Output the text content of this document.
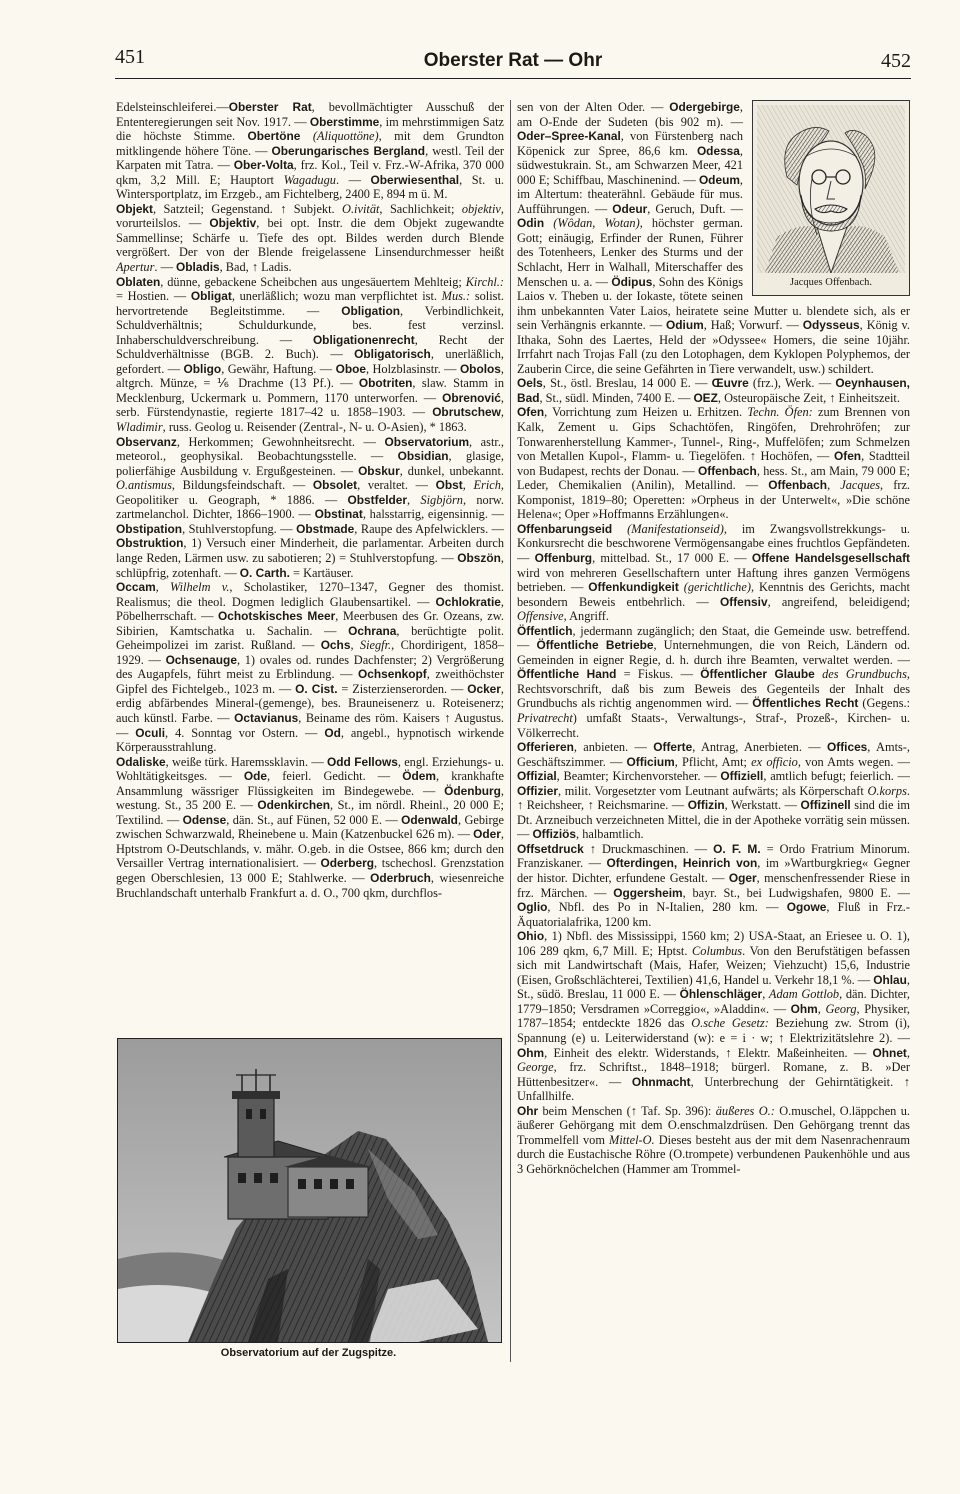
451	Oberster Rat — Ohr	452

Edelsteinschleiferei.—Oberster Rat, bevollmächtigter Ausschuß der Ententeregierungen seit Nov. 1917. — Oberstimme, im mehrstimmigen Satz die höchste Stimme. Obertöne (Aliquottöne), mit dem Grundton mitklingende höhere Töne. — Oberungarisches Bergland, westl. Teil der Karpaten mit Tatra. — Ober-Volta, frz. Kol., Teil v. Frz.-W-Afrika, 370 000 qkm, 3,2 Mill. E; Hauptort Wagadugu. — Oberwiesenthal, St. u. Wintersportplatz, im Erzgeb., am Fichtelberg, 2400 E, 894 m ü. M.

Objekt, Satzteil; Gegenstand. ↑ Subjekt. O.ivität, Sachlichkeit; objektiv, vorurteilslos. — Objektiv, bei opt. Instr. die dem Objekt zugewandte Sammellinse; Schärfe u. Tiefe des opt. Bildes werden durch Blende vergrößert. Der von der Blende freigelassene Linsendurchmesser heißt Apertur. — Obladis, Bad, ↑ Ladis.

Oblaten, dünne, gebackene Scheibchen aus ungesäuertem Mehlteig; Kirchl.: = Hostien. — Obligat, unerläßlich; wozu man verpflichtet ist. Mus.: solist. hervortretende Begleitstimme. — Obligation, Verbindlichkeit, Schuldverhältnis; Schuldurkunde, bes. fest verzinsl. Inhaberschuldverschreibung. — Obligationenrecht, Recht der Schuldverhältnisse (BGB. 2. Buch). — Obligatorisch, unerläßlich, gefordert. — Obligo, Gewähr, Haftung. — Oboe, Holzblasinstr. — Obolos, altgrch. Münze, = ⅙ Drachme (13 Pf.). — Obotriten, slaw. Stamm in Mecklenburg, Uckermark u. Pommern, 1170 unterworfen. — Obrenović, serb. Fürstendynastie, regierte 1817–42 u. 1858–1903. — Obrutschew, Wladimir, russ. Geolog u. Reisender (Zentral-, N- u. O-Asien), * 1863.

Observanz, Herkommen; Gewohnheitsrecht. — Observatorium, astr., meteorol., geophysikal. Beobachtungsstelle. — Obsidian, glasige, polierfähige Ausbildung v. Ergußgesteinen. — Obskur, dunkel, unbekannt. O.antismus, Bildungsfeindschaft. — Obsolet, veraltet. — Obst, Erich, Geopolitiker u. Geograph, * 1886. — Obstfelder, Sigbjörn, norw. zartmelanchol. Dichter, 1866–1900. — Obstinat, halsstarrig, eigensinnig. — Obstipation, Stuhlverstopfung. — Obstmade, Raupe des Apfelwicklers. — Obstruktion, 1) Versuch einer Minderheit, die parlamentar. Arbeiten durch lange Reden, Lärmen usw. zu sabotieren; 2) = Stuhlverstopfung. — Obszön, schlüpfrig, zotenhaft. — O. Carth. = Kartäuser.

Occam, Wilhelm v., Scholastiker, 1270–1347, Gegner des thomist. Realismus; die theol. Dogmen lediglich Glaubensartikel. — Ochlokratie, Pöbelherrschaft. — Ochotskisches Meer, Meerbusen des Gr. Ozeans, zw. Sibirien, Kamtschatka u. Sachalin. — Ochrana, berüchtigte polit. Geheimpolizei im zarist. Rußland. — Ochs, Siegfr., Chordirigent, 1858–1929. — Ochsenauge, 1) ovales od. rundes Dachfenster; 2) Vergrößerung des Augapfels, führt meist zu Erblindung. — Ochsenkopf, zweithöchster Gipfel des Fichtelgeb., 1023 m. — O. Cist. = Zisterzienserorden. — Ocker, erdig abfärbendes Mineral-(gemenge), bes. Brauneisenerz u. Roteisenerz; auch künstl. Farbe. — Octavianus, Beiname des röm. Kaisers ↑ Augustus. — Oculi, 4. Sonntag vor Ostern. — Od, angebl., hypnotisch wirkende Körperausstrahlung.

Odaliske, weiße türk. Haremssklavin. — Odd Fellows, engl. Erziehungs- u. Wohltätigkeitsges. — Ode, feierl. Gedicht. — Ödem, krankhafte Ansammlung wässriger Flüssigkeiten im Bindegewebe. — Ödenburg, westung. St., 35 200 E. — Odenkirchen, St., im nördl. Rheinl., 20 000 E; Textilind. — Odense, dän. St., auf Fünen, 52 000 E. — Odenwald, Gebirge zwischen Schwarzwald, Rheinebene u. Main (Katzenbuckel 626 m). — Oder, Hptstrom O-Deutschlands, v. mähr. O.geb. in die Ostsee, 866 km; durch den Versailler Vertrag internationalisiert. — Oderberg, tschechosl. Grenzstation gegen Oberschlesien, 13 000 E; Stahlwerke. — Oderbruch, wiesenreiche Bruchlandschaft unterhalb Frankfurt a. d. O., 700 qkm, durchflos-

Jacques Offenbach.

sen von der Alten Oder. — Odergebirge, am O-Ende der Sudeten (bis 902 m). — Oder–Spree-Kanal, von Fürstenberg nach Köpenick zur Spree, 86,6 km. Odessa, südwestukrain. St., am Schwarzen Meer, 421 000 E; Schiffbau, Maschinenind. — Odeum, im Altertum: theaterähnl. Gebäude für mus. Aufführungen. — Odeur, Geruch, Duft. — Odin (Wôdan, Wotan), höchster german. Gott; einäugig, Erfinder der Runen, Führer des Totenheers, Lenker des Sturms und der Schlacht, Herr in Walhall, Miterschaffer des Menschen u. a. — Ödipus, Sohn des Königs Laios v. Theben u. der Iokaste, tötete seinen ihm unbekannten Vater Laios, heiratete seine Mutter u. blendete sich, als er sein Verhängnis erkannte. — Odium, Haß; Vorwurf. — Odysseus, König v. Ithaka, Sohn des Laertes, Held der »Odyssee« Homers, die seine 10jähr. Irrfahrt nach Trojas Fall (zu den Lotophagen, dem Kyklopen Polyphemos, der Zauberin Circe, die seine Gefährten in Tiere verwandelt, usw.) schildert.

Oels, St., östl. Breslau, 14 000 E. — Œuvre (frz.), Werk. — Oeynhausen, Bad, St., südl. Minden, 7400 E. — OEZ, Osteuropäische Zeit, ↑ Einheitszeit.

Ofen, Vorrichtung zum Heizen u. Erhitzen. Techn. Öfen: zum Brennen von Kalk, Zement u. Gips Schachtöfen, Ringöfen, Drehrohröfen; zur Tonwarenherstellung Kammer-, Tunnel-, Ring-, Muffelöfen; zum Schmelzen von Metallen Kupol-, Flamm- u. Tiegelöfen. ↑ Hochöfen, — Ofen, Stadtteil von Budapest, rechts der Donau. — Offenbach, hess. St., am Main, 79 000 E; Leder, Chemikalien (Anilin), Metallind. — Offenbach, Jacques, frz. Komponist, 1819–80; Operetten: »Orpheus in der Unterwelt«, »Die schöne Helena«; Oper »Hoffmanns Erzählungen«.

Offenbarungseid (Manifestationseid), im Zwangsvollstrekkungs- u. Konkursrecht die beschworene Vermögensangabe eines fruchtlos Gepfändeten. — Offenburg, mittelbad. St., 17 000 E. — Offene Handelsgesellschaft wird von mehreren Gesellschaftern unter Haftung ihres ganzen Vermögens betrieben. — Offenkundigkeit (gerichtliche), Kenntnis des Gerichts, macht besondern Beweis entbehrlich. — Offensiv, angreifend, beleidigend; Offensive, Angriff.

Öffentlich, jedermann zugänglich; den Staat, die Gemeinde usw. betreffend. — Öffentliche Betriebe, Unternehmungen, die von Reich, Ländern od. Gemeinden in eigner Regie, d. h. durch ihre Beamten, verwaltet werden. — Öffentliche Hand = Fiskus. — Öffentlicher Glaube des Grundbuchs, Rechtsvorschrift, daß bis zum Beweis des Gegenteils der Inhalt des Grundbuchs als richtig angenommen wird. — Öffentliches Recht (Gegens.: Privatrecht) umfaßt Staats-, Verwaltungs-, Straf-, Prozeß-, Kirchen- u. Völkerrecht.

Offerieren, anbieten. — Offerte, Antrag, Anerbieten. — Offices, Amts-, Geschäftszimmer. — Officium, Pflicht, Amt; ex officio, von Amts wegen. — Offizial, Beamter; Kirchenvorsteher. — Offiziell, amtlich befugt; feierlich. — Offizier, milit. Vorgesetzter vom Leutnant aufwärts; als Körperschaft O.korps. ↑ Reichsheer, ↑ Reichsmarine. — Offizin, Werkstatt. — Offizinell sind die im Dt. Arzneibuch verzeichneten Mittel, die in der Apotheke vorrätig sein müssen. — Offiziös, halbamtlich.

Offsetdruck ↑ Druckmaschinen. — O. F. M. = Ordo Fratrium Minorum. Franziskaner. — Ofterdingen, Heinrich von, im »Wartburgkrieg« Gegner der histor. Dichter, erfundene Gestalt. — Oger, menschenfressender Riese in frz. Märchen. — Oggersheim, bayr. St., bei Ludwigshafen, 9800 E. — Oglio, Nbfl. des Po in N-Italien, 280 km. — Ogowe, Fluß in Frz.-Äquatorialafrika, 1200 km.

Ohio, 1) Nbfl. des Mississippi, 1560 km; 2) USA-Staat, an Eriesee u. O. 1), 106 289 qkm, 6,7 Mill. E; Hptst. Columbus. Von den Berufstätigen befassen sich mit Landwirtschaft (Mais, Hafer, Weizen; Viehzucht) 15,6, Industrie (Eisen, Großschlächterei, Textilien) 41,6, Handel u. Verkehr 18,1 %. — Ohlau, St., südö. Breslau, 11 000 E. — Öhlenschläger, Adam Gottlob, dän. Dichter, 1779–1850; Versdramen »Correggio«, »Aladdin«. — Ohm, Georg, Physiker, 1787–1854; entdeckte 1826 das O.sche Gesetz: Beziehung zw. Strom (i), Spannung (e) u. Leiterwiderstand (w): e = i · w; ↑ Elektrizitätslehre 2). — Ohm, Einheit des elektr. Widerstands, ↑ Elektr. Maßeinheiten. — Ohnet, George, frz. Schriftst., 1848–1918; bürgerl. Romane, z. B. »Der Hüttenbesitzer«. — Ohnmacht, Unterbrechung der Gehirntätigkeit. ↑ Unfallhilfe.

Ohr beim Menschen (↑ Taf. Sp. 396): äußeres O.: O.muschel, O.läppchen u. äußerer Gehörgang mit dem O.enschmalzdrüsen. Den Gehörgang trennt das Trommelfell vom Mittel-O. Dieses besteht aus der mit dem Nasenrachenraum durch die Eustachische Röhre (O.trompete) verbundenen Paukenhöhle und aus 3 Gehörknöchelchen (Hammer am Trommel-

Observatorium auf der Zugspitze.
